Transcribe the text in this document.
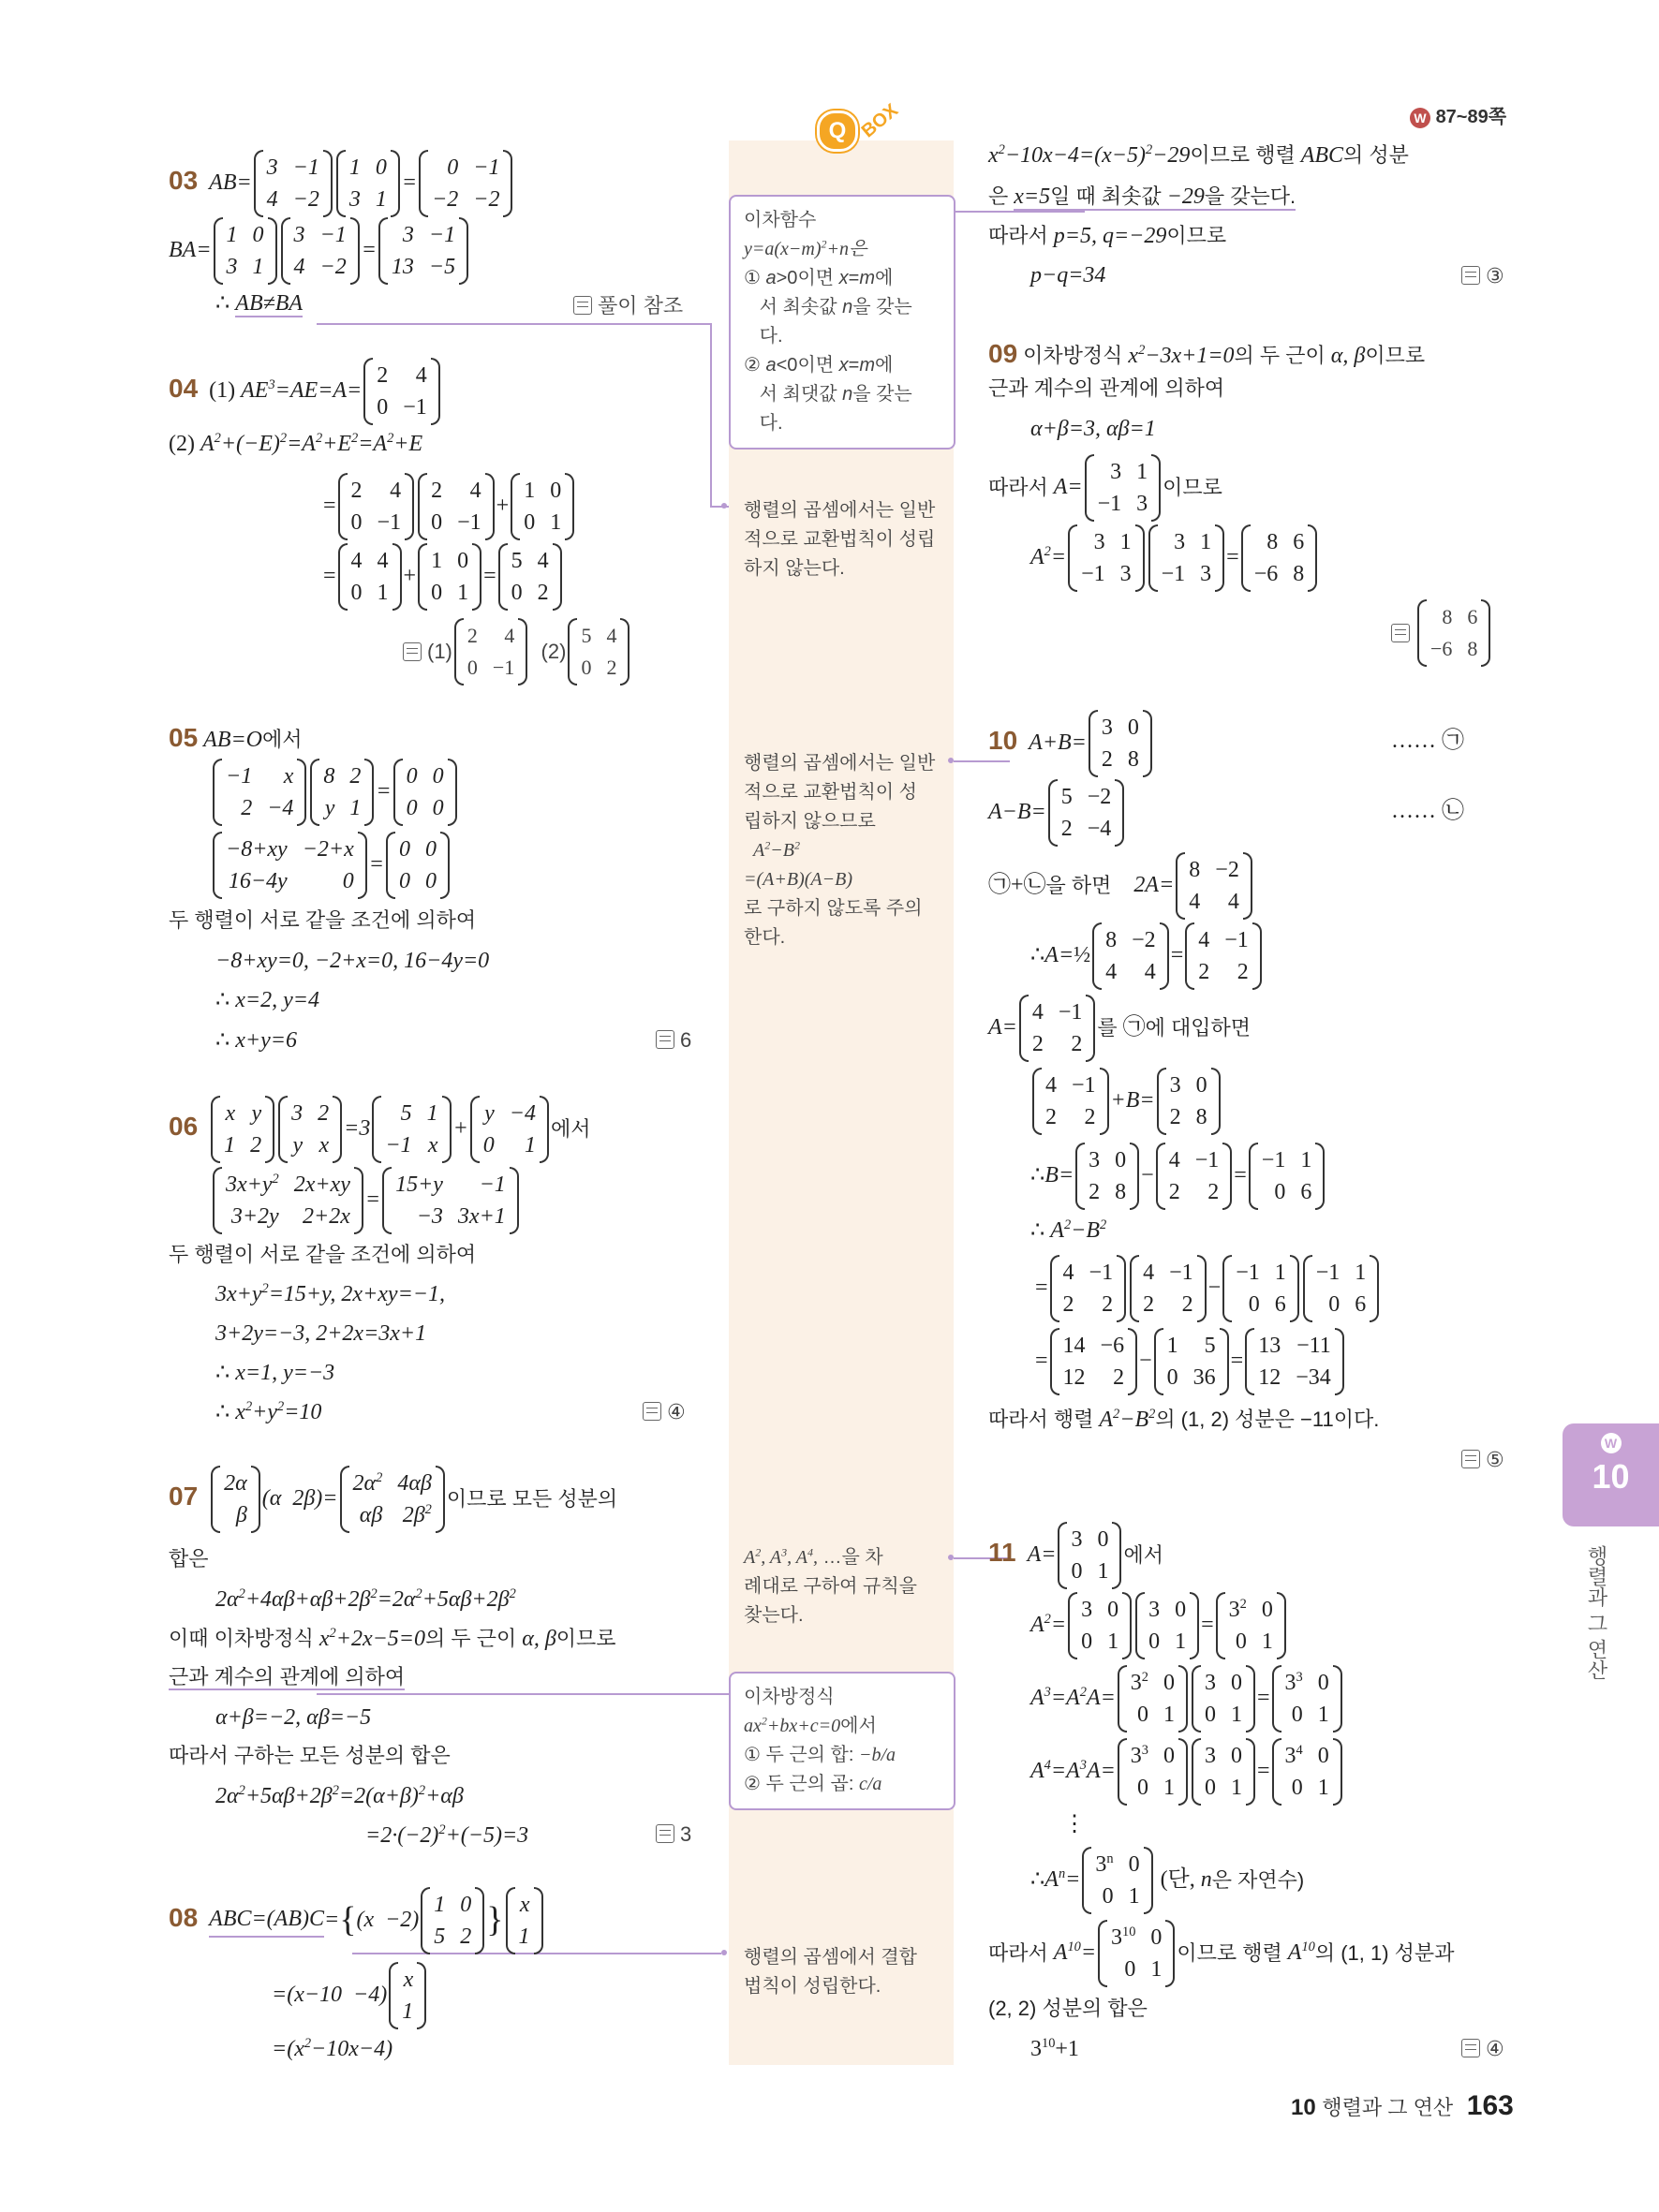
W 87~89쪽
Q BOX
이차함수
$y=a(x-m)^2+n$은
① a>0이면 x=m에
서 최솟값 n을 갖는
다.
② a<0이면 x=m에
서 최댓값 n을 갖는
다.
행렬의 곱셈에서는 일반
적으로 교환법칙이 성립
하지 않는다.
행렬의 곱셈에서는 일반
적으로 교환법칙이 성
립하지 않으므로
$A^2-B^2$
=(A+B)(A−B)
로 구하지 않도록 주의
한다.
$A^2$, $A^3$, $A^4$, …을 차
례대로 구하여 규칙을
찾는다.
이차방정식
$ax^2+bx+c=0$에서
① 두 근의 합: −b/a
② 두 근의 곱: c/a
행렬의 곱셈에서 결합
법칙이 성립한다.
03  AB=
3 −1
4 −2
1 0
3 1
=
0 −1
−2 −2
BA=
1 0
3 1
3 −1
4 −2
=
3 −1
13 −5
∴ AB≠BA	풀이 참조
04 (1)
$AE^3=AE=A=$
2	4
0 −1
(2) $A^2+(-E)^2=A^2+E^2=A^2+E$
=
2	4
0 −1
2	4
0 −1
+
1 0
0 1
=
4 4
0 1
+
1 0
0 1
=
5 4
0 2
(1)
2	4
0 −1
(2)
5 4
0 2
05 AB=O에서
−1	x
2 −4
8 2
y 1
=
0 0
0 0
−8+xy −2+x
16−4y	0
=
0 0
0 0
두 행렬이 서로 같을 조건에 의하여
−8+xy=0, −2+x=0, 16−4y=0
∴ x=2, y=4
∴ x+y=6	6
06 x y
1 2
3 2
y x
=3
5 1
−1 x
+
y −4
0	1
에서
$3x+y^2$ 2x+xy
3+2y	2+2x
=
15+y	−1
−3 3x+1
두 행렬이 서로 같을 조건에 의하여
$3x+y^2=15+y$, 2x+xy=−1,
3+2y=−3, 2+2x=3x+1
∴ x=1, y=−3
∴ $x^2+y^2=10$	④
07 2α
β
(α  2β)=
$2\alpha^2$ 4αβ
αβ $2\beta^2$ 이므로 모든 성분의
합은
$2\alpha^2+4\alpha\beta+\alpha\beta+2\beta^2=2\alpha^2+5\alpha\beta+2\beta^2$
이때 이차방정식 $x^2+2x-5=0$의 두 근이 α, β이므로
근과 계수의 관계에 의하여
α+β=−2, αβ=−5
따라서 구하는 모든 성분의 합은
$2\alpha^2+5\alpha\beta+2\beta^2=2(\alpha+\beta)^2+\alpha\beta$
$=2\cdot(-2)^2+(-5)=3$	3
08 ABC=(AB)C = { (x  −2)
1 0
5 2 } x
1
=(x−10  −4)
x
1
$=(x^2-10x-4)$
$x^2-10x-4=(x-5)^2-29$이므로 행렬 ABC의 성분
은 x=5일 때 최솟값 −29을 갖는다.
따라서 p=5, q=−29이므로
p−q=34	③
09 이차방정식 $x^2-3x+1=0$의 두 근이 α, β이므로
근과 계수의 관계에 의하여
α+β=3, αβ=1
따라서
A=
3 1
−1 3
이므로
$A^2=$
3 1
−1 3
3 1
−1 3
=
8 6
−6 8
8 6
−6 8
10 A+B=
3 0
2 8
…… ㉠
A−B=
5 −2
2 −4
…… ㉡
㉠+㉡ 을 하면
2A=
8 −2
4	4
∴ A= ½
8 −2
4	4
=
4 −1
2	2
A=
4 −1
2	2
를 ㉠ 에 대입하면
4 −1
2	2
+B=
3 0
2 8
∴ B=
3 0
2 8
−
4 −1
2	2
=
−1 1
0 6
∴ $A^2-B^2$
=
4 −1
2	2
4 −1
2	2
−
−1 1
0 6
−1 1
0 6
=
14 −6
12	2
−
1	5
0 36
=
13 −11
12 −34
따라서 행렬 $A^2-B^2$의 (1, 2) 성분은 −11이다.
⑤
11 A=
3 0
0 1
에서
$A^2=$
3 0
0 1
3 0
0 1
=
$3^2$ 0
0 1
$A^3=A^2A=$
$3^2$ 0
0 1
3 0
0 1
=
$3^3$ 0
0 1
$A^4=A^3A=$
$3^3$ 0
0 1
3 0
0 1
=
$3^4$ 0
0 1
⋮
∴ $A^n=$
$3^n$ 0
0 1

(단,
n 은 자연수)
따라서
$A^{10}=$
$3^{10}$ 0
0 1
이므로 행렬
$A^{10}$ 의 (1, 1) 성분과
(2, 2) 성분의 합은
$3^{10}+1$	④
W
10
행렬과 그 연산
10 행렬과 그 연산 163
